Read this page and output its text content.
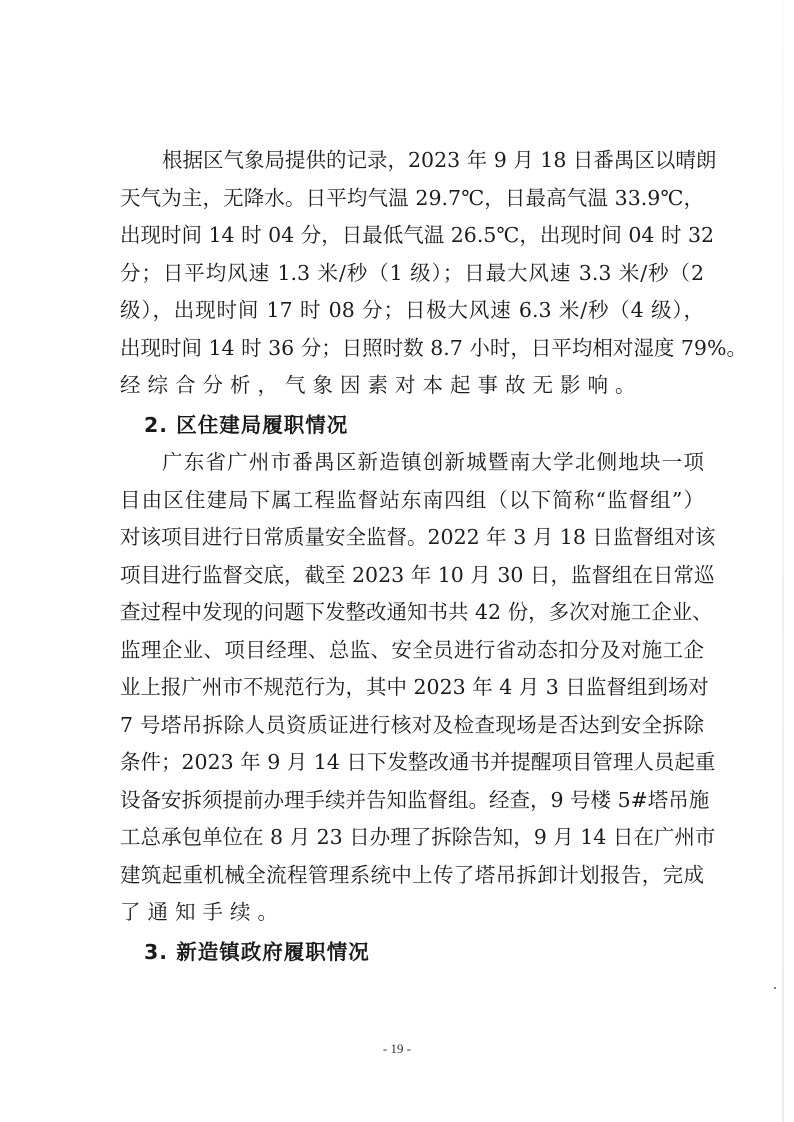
根据区气象局提供的记录，2023 年 9 月 18 日番禺区以晴朗
天气为主，无降水。日平均气温 29.7℃，日最高气温 33.9℃，
出现时间 14 时 04 分，日最低气温 26.5℃，出现时间 04 时 32
分；日平均风速 1.3 米/秒（1 级）；日最大风速 3.3 米/秒（2
级），出现时间 17 时 08 分；日极大风速 6.3 米/秒（4 级），
出现时间 14 时 36 分；日照时数 8.7 小时，日平均相对湿度 79%。
经综合分析，气象因素对本起事故无影响。
2. 区住建局履职情况
广东省广州市番禺区新造镇创新城暨南大学北侧地块一项
目由区住建局下属工程监督站东南四组（以下简称“监督组”）
对该项目进行日常质量安全监督。2022 年 3 月 18 日监督组对该
项目进行监督交底，截至 2023 年 10 月 30 日，监督组在日常巡
查过程中发现的问题下发整改通知书共 42 份，多次对施工企业、
监理企业、项目经理、总监、安全员进行省动态扣分及对施工企
业上报广州市不规范行为，其中 2023 年 4 月 3 日监督组到场对
7 号塔吊拆除人员资质证进行核对及检查现场是否达到安全拆除
条件；2023 年 9 月 14 日下发整改通书并提醒项目管理人员起重
设备安拆须提前办理手续并告知监督组。经查，9 号楼 5#塔吊施
工总承包单位在 8 月 23 日办理了拆除告知，9 月 14 日在广州市
建筑起重机械全流程管理系统中上传了塔吊拆卸计划报告，完成
了通知手续。
3. 新造镇政府履职情况
- 19 -
